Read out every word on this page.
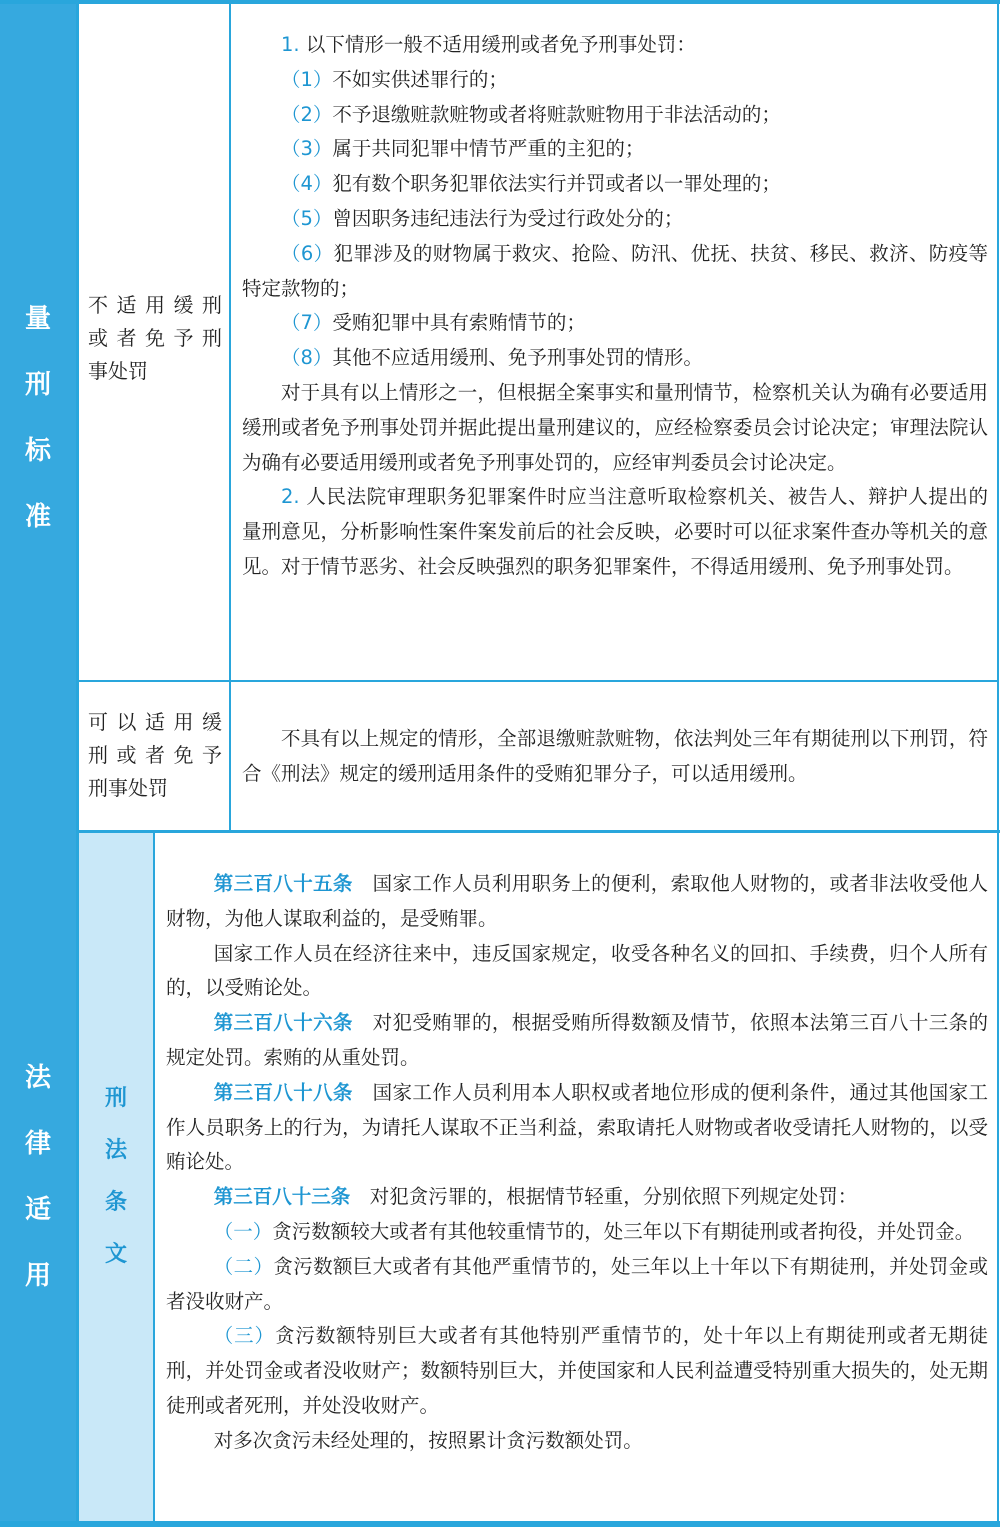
量
刑
标
准
法
律
适
用
刑
法
条
文
不适用缓刑
或者免予刑
事处罚

1. 以下情形一般不适用缓刑或者免予刑事处罚：

（1）不如实供述罪行的；

（2）不予退缴赃款赃物或者将赃款赃物用于非法活动的；

（3）属于共同犯罪中情节严重的主犯的；

（4）犯有数个职务犯罪依法实行并罚或者以一罪处理的；

（5）曾因职务违纪违法行为受过行政处分的；

（6）犯罪涉及的财物属于救灾、抢险、防汛、优抚、扶贫、移民、救济、防疫等特定款物的；

（7）受贿犯罪中具有索贿情节的；

（8）其他不应适用缓刑、免予刑事处罚的情形。

对于具有以上情形之一，但根据全案事实和量刑情节，检察机关认为确有必要适用缓刑或者免予刑事处罚并据此提出量刑建议的，应经检察委员会讨论决定；审理法院认为确有必要适用缓刑或者免予刑事处罚的，应经审判委员会讨论决定。

2. 人民法院审理职务犯罪案件时应当注意听取检察机关、被告人、辩护人提出的量刑意见，分析影响性案件案发前后的社会反映，必要时可以征求案件查办等机关的意见。对于情节恶劣、社会反映强烈的职务犯罪案件，不得适用缓刑、免予刑事处罚。

可以适用缓
刑或者免予
刑事处罚

不具有以上规定的情形，全部退缴赃款赃物，依法判处三年有期徒刑以下刑罚，符合《刑法》规定的缓刑适用条件的受贿犯罪分子，可以适用缓刑。

第三百八十五条　 国家工作人员利用职务上的便利，索取他人财物的，或者非法收受他人财物，为他人谋取利益的，是受贿罪。

国家工作人员在经济往来中，违反国家规定，收受各种名义的回扣、手续费，归个人所有的，以受贿论处。

第三百八十六条　 对犯受贿罪的，根据受贿所得数额及情节，依照本法第三百八十三条的规定处罚。索贿的从重处罚。

第三百八十八条　 国家工作人员利用本人职权或者地位形成的便利条件，通过其他国家工作人员职务上的行为，为请托人谋取不正当利益，索取请托人财物或者收受请托人财物的，以受贿论处。

第三百八十三条　 对犯贪污罪的，根据情节轻重，分别依照下列规定处罚：

（一）贪污数额较大或者有其他较重情节的，处三年以下有期徒刑或者拘役，并处罚金。

（二）贪污数额巨大或者有其他严重情节的，处三年以上十年以下有期徒刑，并处罚金或者没收财产。

（三）贪污数额特别巨大或者有其他特别严重情节的，处十年以上有期徒刑或者无期徒刑，并处罚金或者没收财产；数额特别巨大，并使国家和人民利益遭受特别重大损失的，处无期徒刑或者死刑，并处没收财产。

对多次贪污未经处理的，按照累计贪污数额处罚。
